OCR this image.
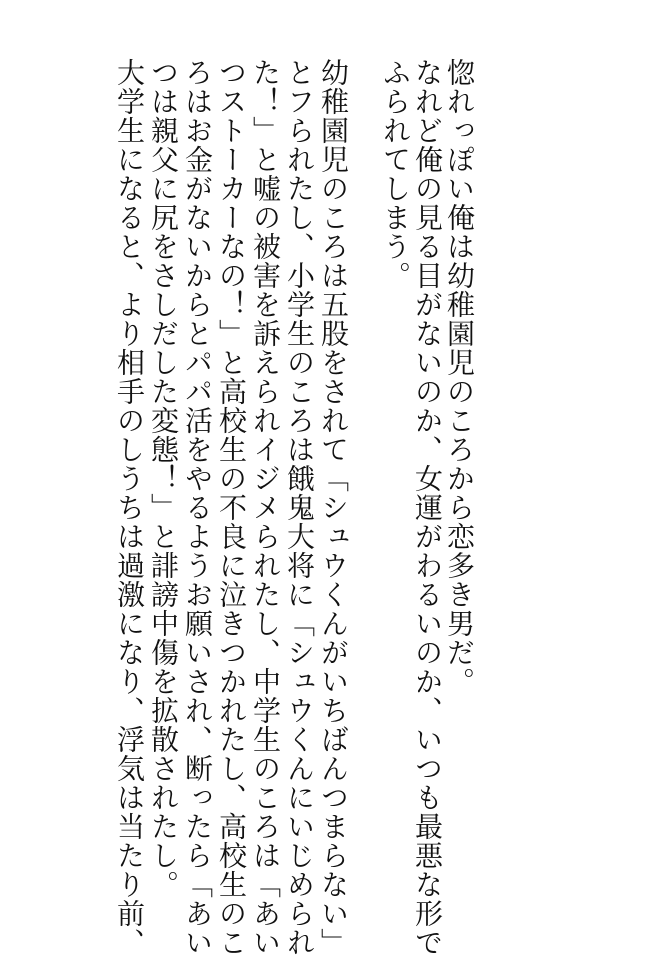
惚れっぽい俺は幼稚園児のころから恋多き男だ。
なれど俺の見る目がないのか、女運がわるいのか、いつも最悪な形で
ふられてしまう。
幼稚園児のころは五股をされて「シュウくんがいちばんつまらない」
とフられたし、小学生のころは餓鬼大将に「シュウくんにいじめられ
た！」と嘘の被害を訴えられイジメられたし、中学生のころは「あい
つストーカーなの！」と高校生の不良に泣きつかれたし、高校生のこ
ろはお金がないからとパパ活をやるようお願いされ、断ったら「あい
つは親父に尻をさしだした変態！」と誹謗中傷を拡散されたし。
大学生になると、より相手のしうちは過激になり、浮気は当たり前、
